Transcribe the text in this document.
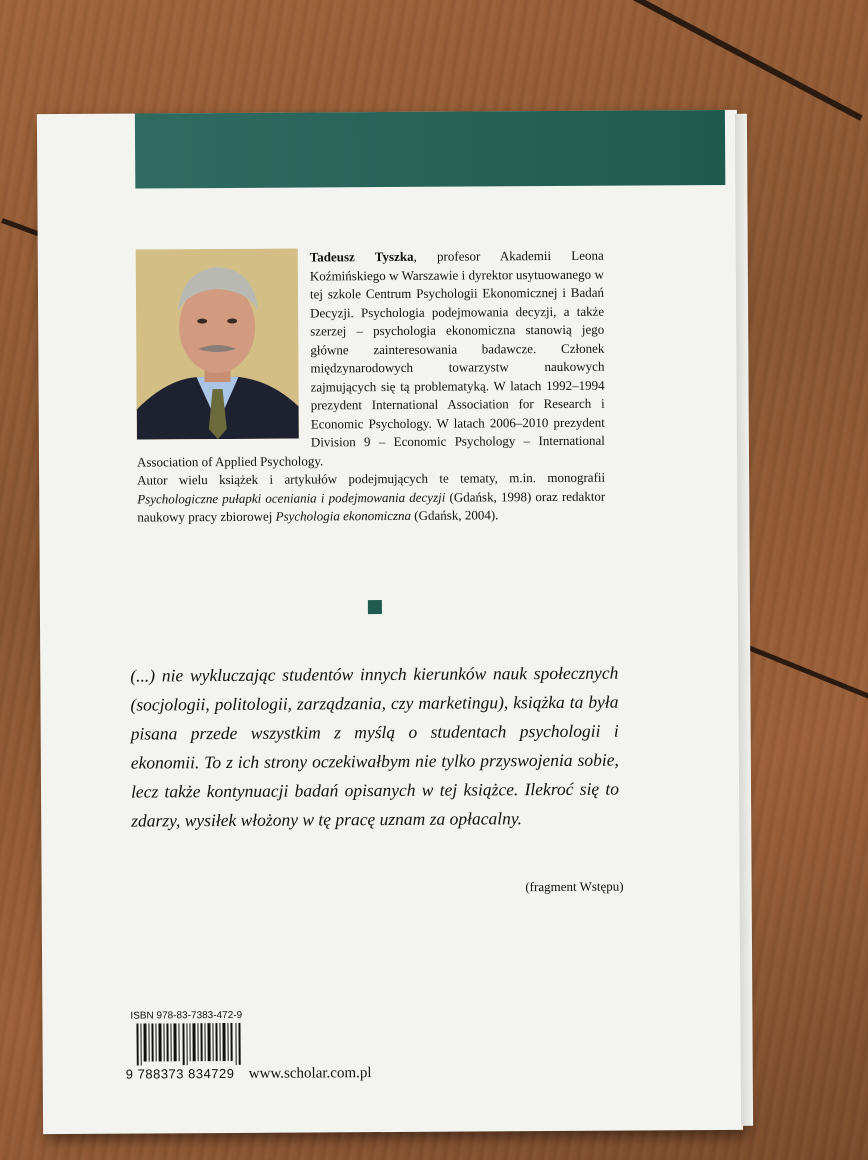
Tadeusz Tyszka, profesor Akademii Leona Koźmińskiego w Warszawie i dyrektor usytuowanego w tej szkole Centrum Psychologii Ekonomicznej i Badań Decyzji. Psychologia podejmowania decyzji, a także szerzej – psychologia ekonomiczna stanowią jego główne zainteresowania badawcze. Członek międzynarodowych towarzystw naukowych zajmujących się tą problematyką. W latach 1992–1994 prezydent International Association for Research i Economic Psychology. W latach 2006–2010 prezydent Division 9 – Economic Psychology – International Association of Applied Psychology.
Autor wielu książek i artykułów podejmujących te tematy, m.in. monografii Psychologiczne pułapki oceniania i podejmowania decyzji (Gdańsk, 1998) oraz redaktor naukowy pracy zbiorowej Psychologia ekonomiczna (Gdańsk, 2004).
(...) nie wykluczając studentów innych kierunków nauk społecznych (socjologii, politologii, zarządzania, czy marketingu), książka ta była pisana przede wszystkim z myślą o studentach psychologii i ekonomii. To z ich strony oczekiwałbym nie tylko przyswojenia sobie, lecz także kontynuacji badań opisanych w tej książce. Ilekroć się to zdarzy, wysiłek włożony w tę pracę uznam za opłacalny.
(fragment Wstępu)
ISBN 978-83-7383-472-9
9 788373 834729 www.scholar.com.pl
